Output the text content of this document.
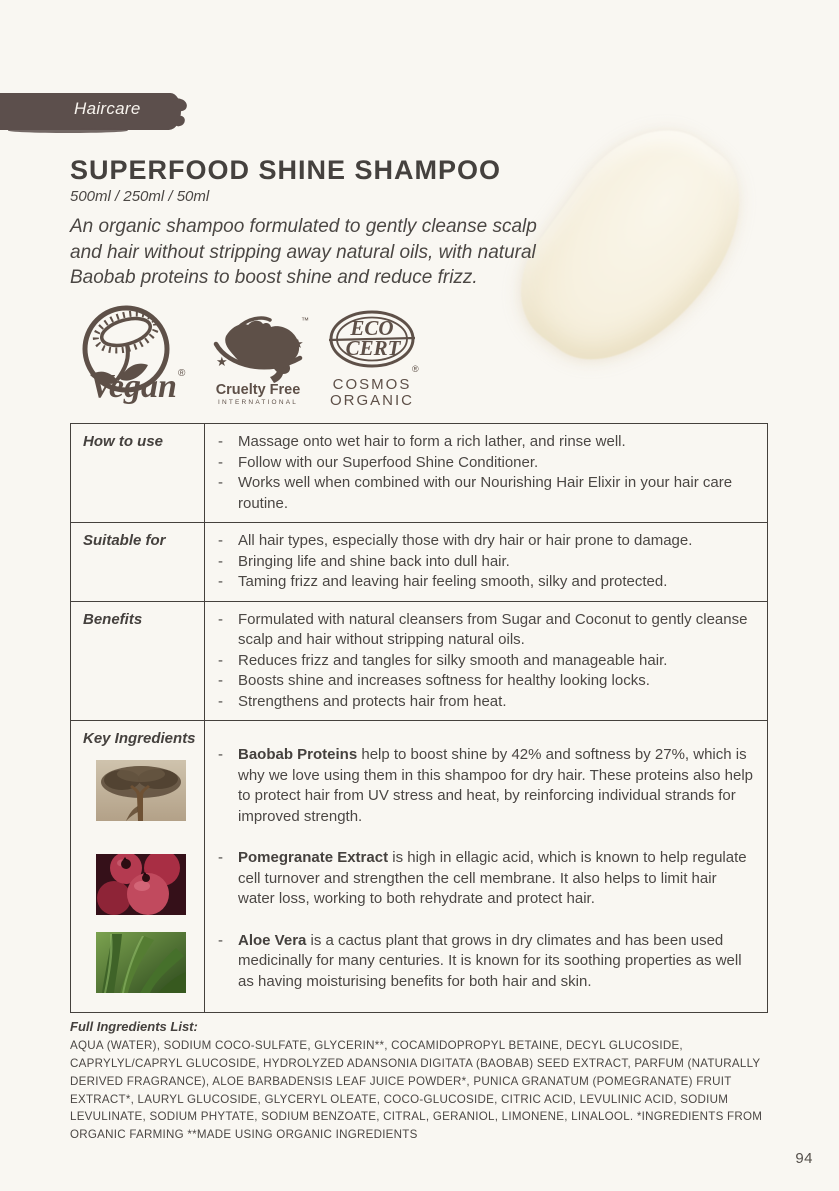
Haircare
SUPERFOOD SHINE SHAMPOO
500ml / 250ml / 50ml

An organic shampoo formulated to gently cleanse scalp and hair without stripping away natural oils, with natural Baobab proteins to boost shine and reduce frizz.

Vegan ®
★
★
™
Cruelty Free
INTERNATIONAL
ECO
CERT
®
COSMOS
ORGANIC
How to use	-	Massage onto wet hair to form a rich lather, and rinse well.

-	Follow with our Superfood Shine Conditioner.

-	Works well when combined with our Nourishing Hair Elixir in your hair care routine.

Suitable for	-	All hair types, especially those with dry hair or hair prone to damage.

-	Bringing life and shine back into dull hair.

-	Taming frizz and leaving hair feeling smooth, silky and protected.

Benefits	-	Formulated with natural cleansers from Sugar and Coconut to gently cleanse scalp and hair without stripping natural oils.

-	Reduces frizz and tangles for silky smooth and manageable hair.

-	Boosts shine and increases softness for healthy looking locks.

-	Strengthens and protects hair from heat.

Key Ingredients
-	Baobab Proteins help to boost shine by 42% and softness by 27%, which is why we love using them in this shampoo for dry hair. These proteins also help to protect hair from UV stress and heat, by reinforcing individual strands for improved strength.

-	Pomegranate Extract is high in ellagic acid, which is known to help regulate cell turnover and strengthen the cell membrane. It also helps to limit hair water loss, working to both rehydrate and protect hair.

-	Aloe Vera is a cactus plant that grows in dry climates and has been used medicinally for many centuries. It is known for its soothing properties as well as having moisturising benefits for both hair and skin.

Full Ingredients List:

AQUA (WATER), SODIUM COCO-SULFATE, GLYCERIN**, COCAMIDOPROPYL BETAINE, DECYL GLUCOSIDE, CAPRYLYL/CAPRYL GLUCOSIDE, HYDROLYZED ADANSONIA DIGITATA (BAOBAB) SEED EXTRACT, PARFUM (NATURALLY DERIVED FRAGRANCE), ALOE BARBADENSIS LEAF JUICE POWDER*, PUNICA GRANATUM (POMEGRANATE) FRUIT EXTRACT*, LAURYL GLUCOSIDE, GLYCERYL OLEATE, COCO-GLUCOSIDE, CITRIC ACID, LEVULINIC ACID, SODIUM LEVULINATE, SODIUM PHYTATE, SODIUM BENZOATE, CITRAL, GERANIOL, LIMONENE, LINALOOL. *INGREDIENTS FROM ORGANIC FARMING **MADE USING ORGANIC INGREDIENTS

94
